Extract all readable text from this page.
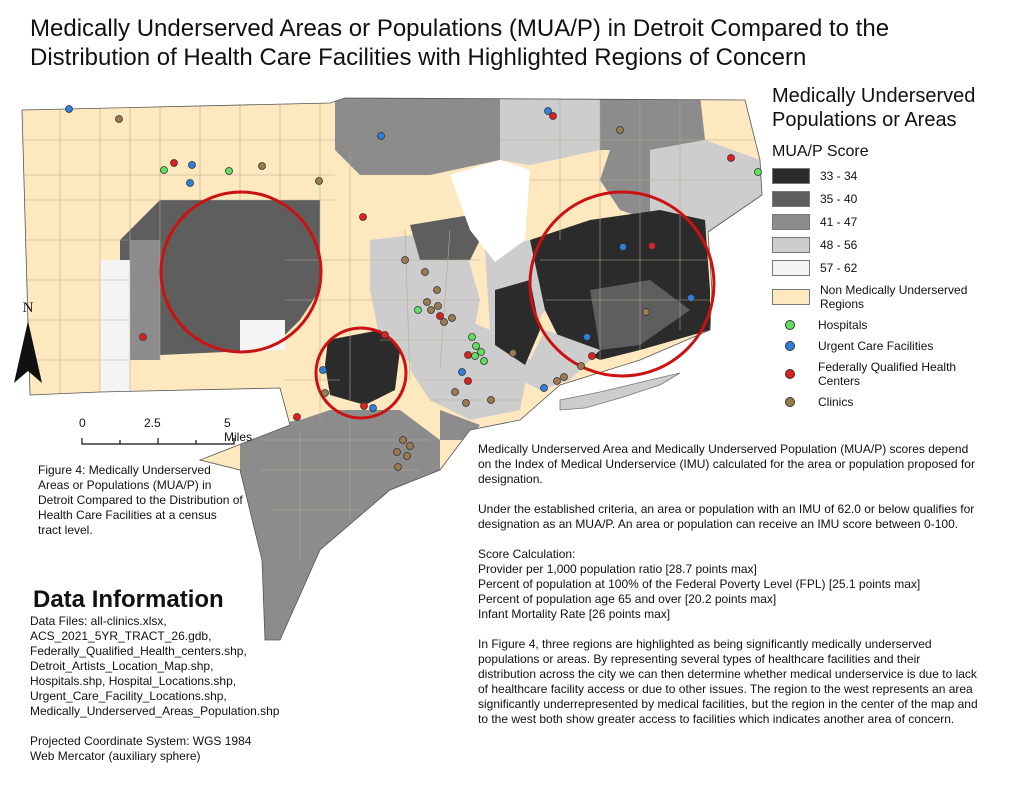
Medically Underserved Areas or Populations (MUA/P) in Detroit Compared to the Distribution of Health Care Facilities with Highlighted Regions of Concern
Medically Underserved Populations or Areas
MUA/P Score
33 - 34
35 - 40
41 - 47
48 - 56
57 - 62
Non Medically Underserved Regions
Hospitals
Urgent Care Facilities
Federally Qualified Health Centers
Clinics
N
0	2.5	5 Miles
Figure 4: Medically Underserved Areas or Populations (MUA/P) in Detroit Compared to the Distribution of Health Care Facilities at a census tract level.
Data Information
Data Files: all-clinics.xlsx,
ACS_2021_5YR_TRACT_26.gdb,
Federally_Qualified_Health_centers.shp,
Detroit_Artists_Location_Map.shp,
Hospitals.shp, Hospital_Locations.shp,
Urgent_Care_Facility_Locations.shp,
Medically_Underserved_Areas_Population.shp
Projected Coordinate System: WGS 1984
Web Mercator (auxiliary sphere)

Medically Underserved Area and Medically Underserved Population (MUA/P) scores depend on the Index of Medical Underservice (IMU) calculated for the area or population proposed for designation.

Under the established criteria, an area or population with an IMU of 62.0 or below qualifies for designation as an MUA/P. An area or population can receive an IMU score between 0-100.

Score Calculation:
Provider per 1,000 population ratio [28.7 points max]
Percent of population at 100% of the Federal Poverty Level (FPL) [25.1 points max]
Percent of population age 65 and over [20.2 points max]
Infant Mortality Rate [26 points max]

In Figure 4, three regions are highlighted as being significantly medically underserved populations or areas. By representing several types of healthcare facilities and their distribution across the city we can then determine whether medical underservice is due to lack of healthcare facility access or due to other issues. The region to the west represents an area significantly underrepresented by medical facilities, but the region in the center of the map and to the west both show greater access to facilities which indicates another area of concern.
